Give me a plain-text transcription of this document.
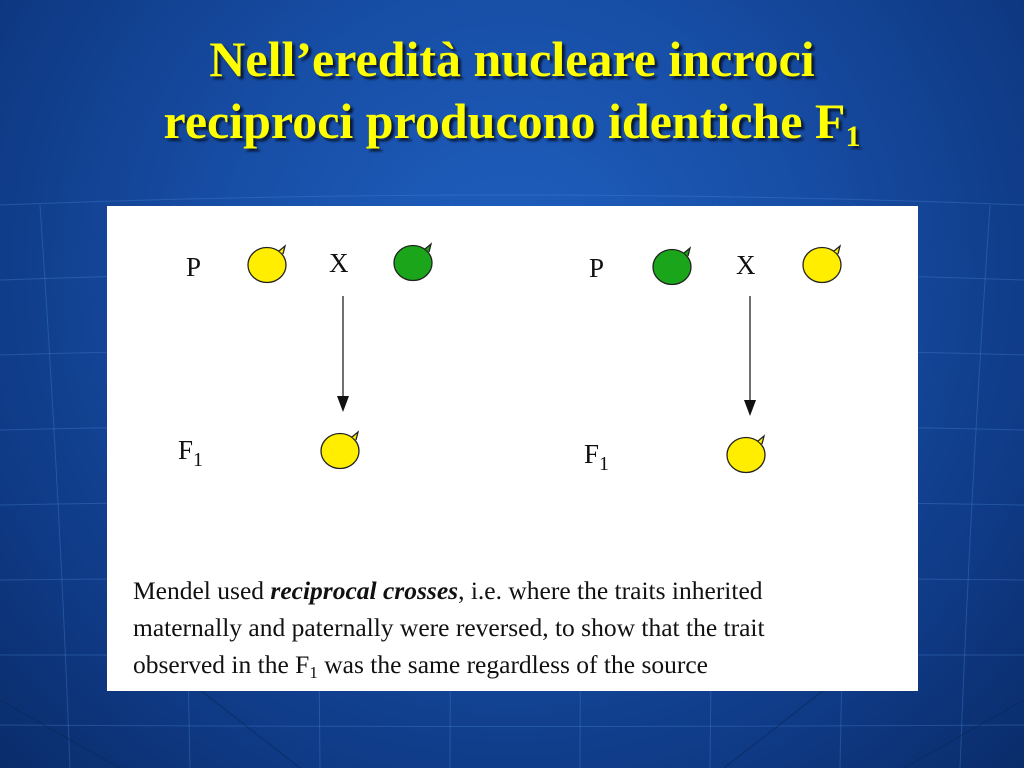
Nell’eredità nucleare incroci
reciproci producono identiche $F_1$
P	X
$F_1$
P	X
$F_1$
Mendel used reciprocal crosses, i.e. where the traits inherited
maternally and paternally were reversed, to show that the trait
observed in the $F_1$ was the same regardless of the source
